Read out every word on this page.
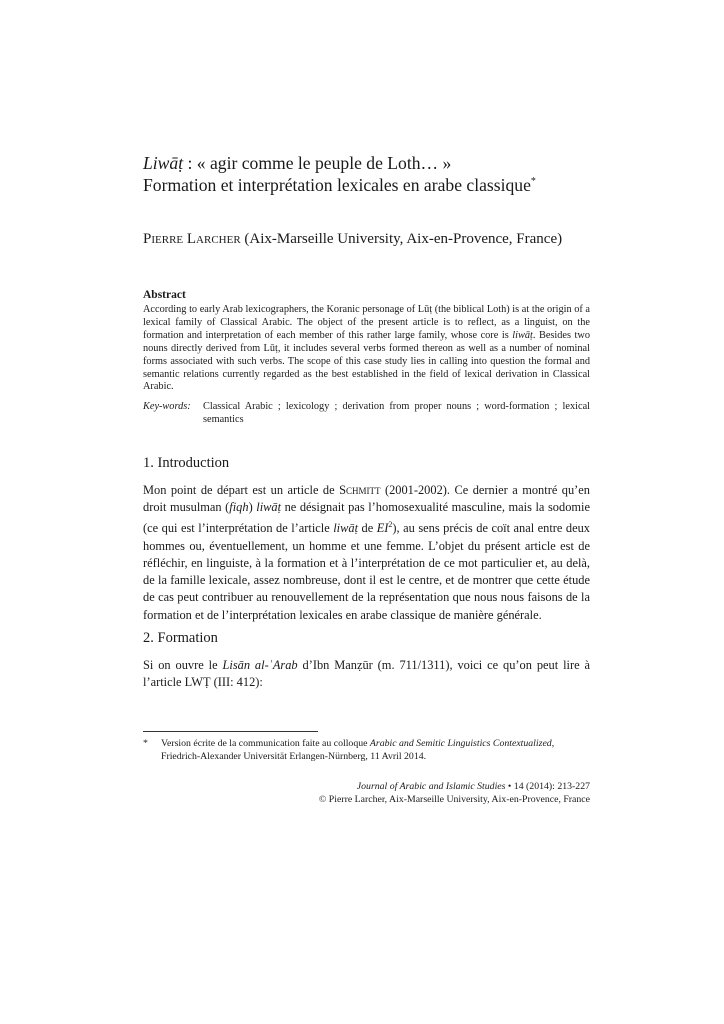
Liwāṭ : « agir comme le peuple de Loth… »
Formation et interprétation lexicales en arabe classique*
Pierre Larcher (Aix-Marseille University, Aix-en-Provence, France)
Abstract
According to early Arab lexicographers, the Koranic personage of Lūṭ (the biblical Loth) is at the origin of a lexical family of Classical Arabic. The object of the present article is to reflect, as a linguist, on the formation and interpretation of each member of this rather large family, whose core is liwāṭ. Besides two nouns directly derived from Lūṭ, it includes several verbs formed thereon as well as a number of nominal forms associated with such verbs. The scope of this case study lies in calling into question the formal and semantic relations currently regarded as the best established in the field of lexical derivation in Classical Arabic.
Key-words:	Classical Arabic ; lexicology ; derivation from proper nouns ; word-formation ; lexical semantics
1. Introduction
Mon point de départ est un article de Schmitt (2001-2002). Ce dernier a montré qu’en droit musulman (fiqh) liwāṭ ne désignait pas l’homosexualité masculine, mais la sodomie (ce qui est l’interprétation de l’article liwāṭ de $EI^2$), au sens précis de coït anal entre deux hommes ou, éventuellement, un homme et une femme. L’objet du présent article est de réfléchir, en linguiste, à la formation et à l’interprétation de ce mot particulier et, au delà, de la famille lexicale, assez nombreuse, dont il est le centre, et de montrer que cette étude de cas peut contribuer au renouvellement de la représentation que nous nous faisons de la formation et de l’interprétation lexicales en arabe classique de manière générale.
2. Formation
Si on ouvre le Lisān al-ʿArab d’Ibn Manẓūr (m. 711/1311), voici ce qu’on peut lire à l’article LWṬ (III: 412):
*	Version écrite de la communication faite au colloque Arabic and Semitic Linguistics Contextualized, Friedrich-Alexander Universität Erlangen-Nürnberg, 11 Avril 2014.
Journal of Arabic and Islamic Studies • 14 (2014): 213-227
© Pierre Larcher, Aix-Marseille University, Aix-en-Provence, France
